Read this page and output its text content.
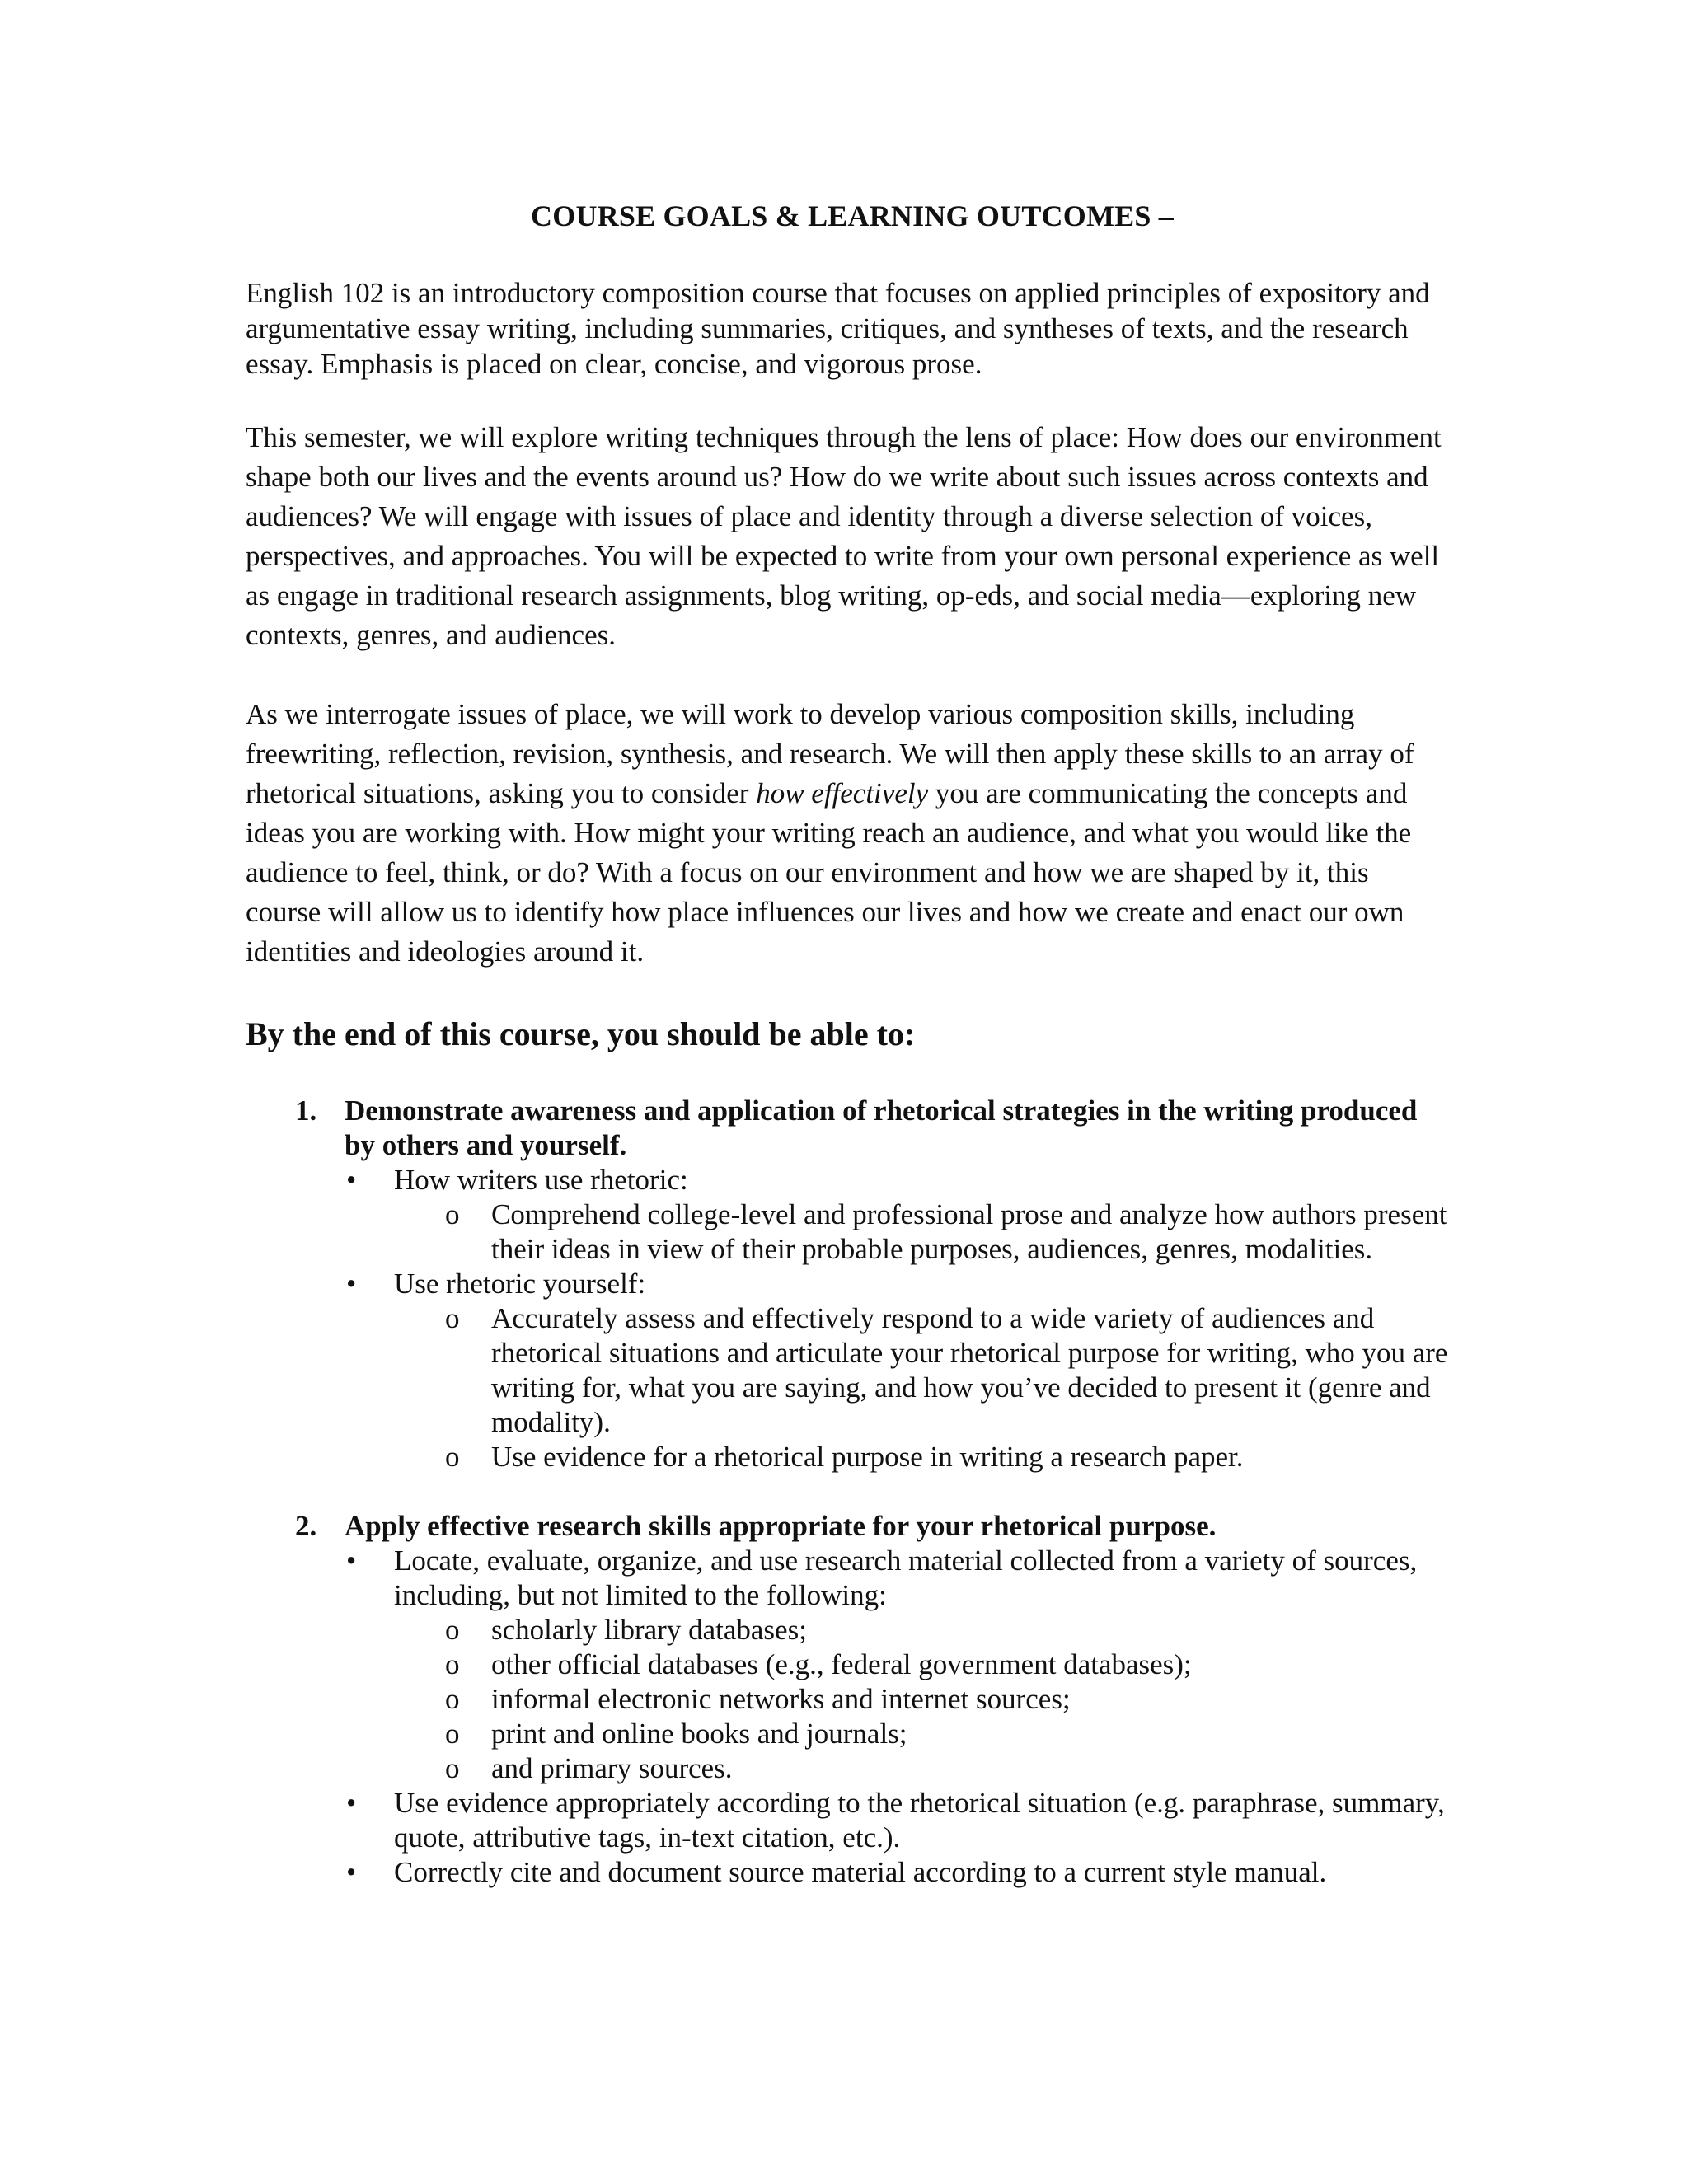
COURSE GOALS & LEARNING OUTCOMES –

English 102 is an introductory composition course that focuses on applied principles of expository and argumentative essay writing, including summaries, critiques, and syntheses of texts, and the research essay. Emphasis is placed on clear, concise, and vigorous prose.

This semester, we will explore writing techniques through the lens of place: How does our environment shape both our lives and the events around us? How do we write about such issues across contexts and audiences? We will engage with issues of place and identity through a diverse selection of voices, perspectives, and approaches. You will be expected to write from your own personal experience as well as engage in traditional research assignments, blog writing, op-eds, and social media—exploring new contexts, genres, and audiences.

As we interrogate issues of place, we will work to develop various composition skills, including freewriting, reflection, revision, synthesis, and research. We will then apply these skills to an array of rhetorical situations, asking you to consider how effectively you are communicating the concepts and ideas you are working with. How might your writing reach an audience, and what you would like the audience to feel, think, or do? With a focus on our environment and how we are shaped by it, this course will allow us to identify how place influences our lives and how we create and enact our own identities and ideologies around it.

By the end of this course, you should be able to:
1. Demonstrate awareness and application of rhetorical strategies in the writing produced by others and yourself.
• How writers use rhetoric:
o Comprehend college-level and professional prose and analyze how authors present their ideas in view of their probable purposes, audiences, genres, modalities.
• Use rhetoric yourself:
o Accurately assess and effectively respond to a wide variety of audiences and rhetorical situations and articulate your rhetorical purpose for writing, who you are writing for, what you are saying, and how you’ve decided to present it (genre and modality).
o Use evidence for a rhetorical purpose in writing a research paper.
2. Apply effective research skills appropriate for your rhetorical purpose.
• Locate, evaluate, organize, and use research material collected from a variety of sources, including, but not limited to the following:
o scholarly library databases;
o other official databases (e.g., federal government databases);
o informal electronic networks and internet sources;
o print and online books and journals;
o and primary sources.
• Use evidence appropriately according to the rhetorical situation (e.g. paraphrase, summary, quote, attributive tags, in-text citation, etc.).
• Correctly cite and document source material according to a current style manual.
